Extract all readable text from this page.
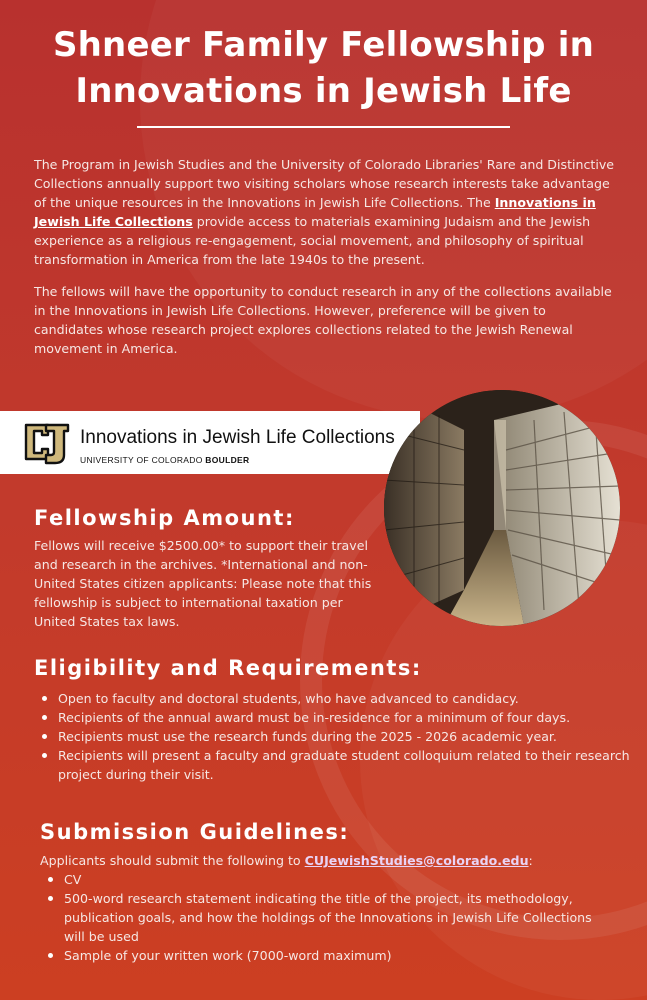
Shneer Family Fellowship in
Innovations in Jewish Life

The Program in Jewish Studies and the University of Colorado Libraries' Rare and Distinctive Collections annually support two visiting scholars whose research interests take advantage of the unique resources in the Innovations in Jewish Life Collections. The Innovations in Jewish Life Collections provide access to materials examining Judaism and the Jewish experience as a religious re-engagement, social movement, and philosophy of spiritual transformation in America from the late 1940s to the present.

The fellows will have the opportunity to conduct research in any of the collections available in the Innovations in Jewish Life Collections. However, preference will be given to candidates whose research project explores collections related to the Jewish Renewal movement in America.

Innovations in Jewish Life Collections
UNIVERSITY OF COLORADO BOULDER
Fellowship Amount:

Fellows will receive $2500.00* to support their travel and research in the archives. *International and non-United States citizen applicants: Please note that this fellowship is subject to international taxation per United States tax laws.

Eligibility and Requirements:
Open to faculty and doctoral students, who have advanced to candidacy.
Recipients of the annual award must be in-residence for a minimum of four days.
Recipients must use the research funds during the 2025 - 2026 academic year.
Recipients will present a faculty and graduate student colloquium related to their research project during their visit.
Submission Guidelines:

Applicants should submit the following to CUJewishStudies@colorado.edu:

CV
500-word research statement indicating the title of the project, its methodology, publication goals, and how the holdings of the Innovations in Jewish Life Collections will be used
Sample of your written work (7000-word maximum)
